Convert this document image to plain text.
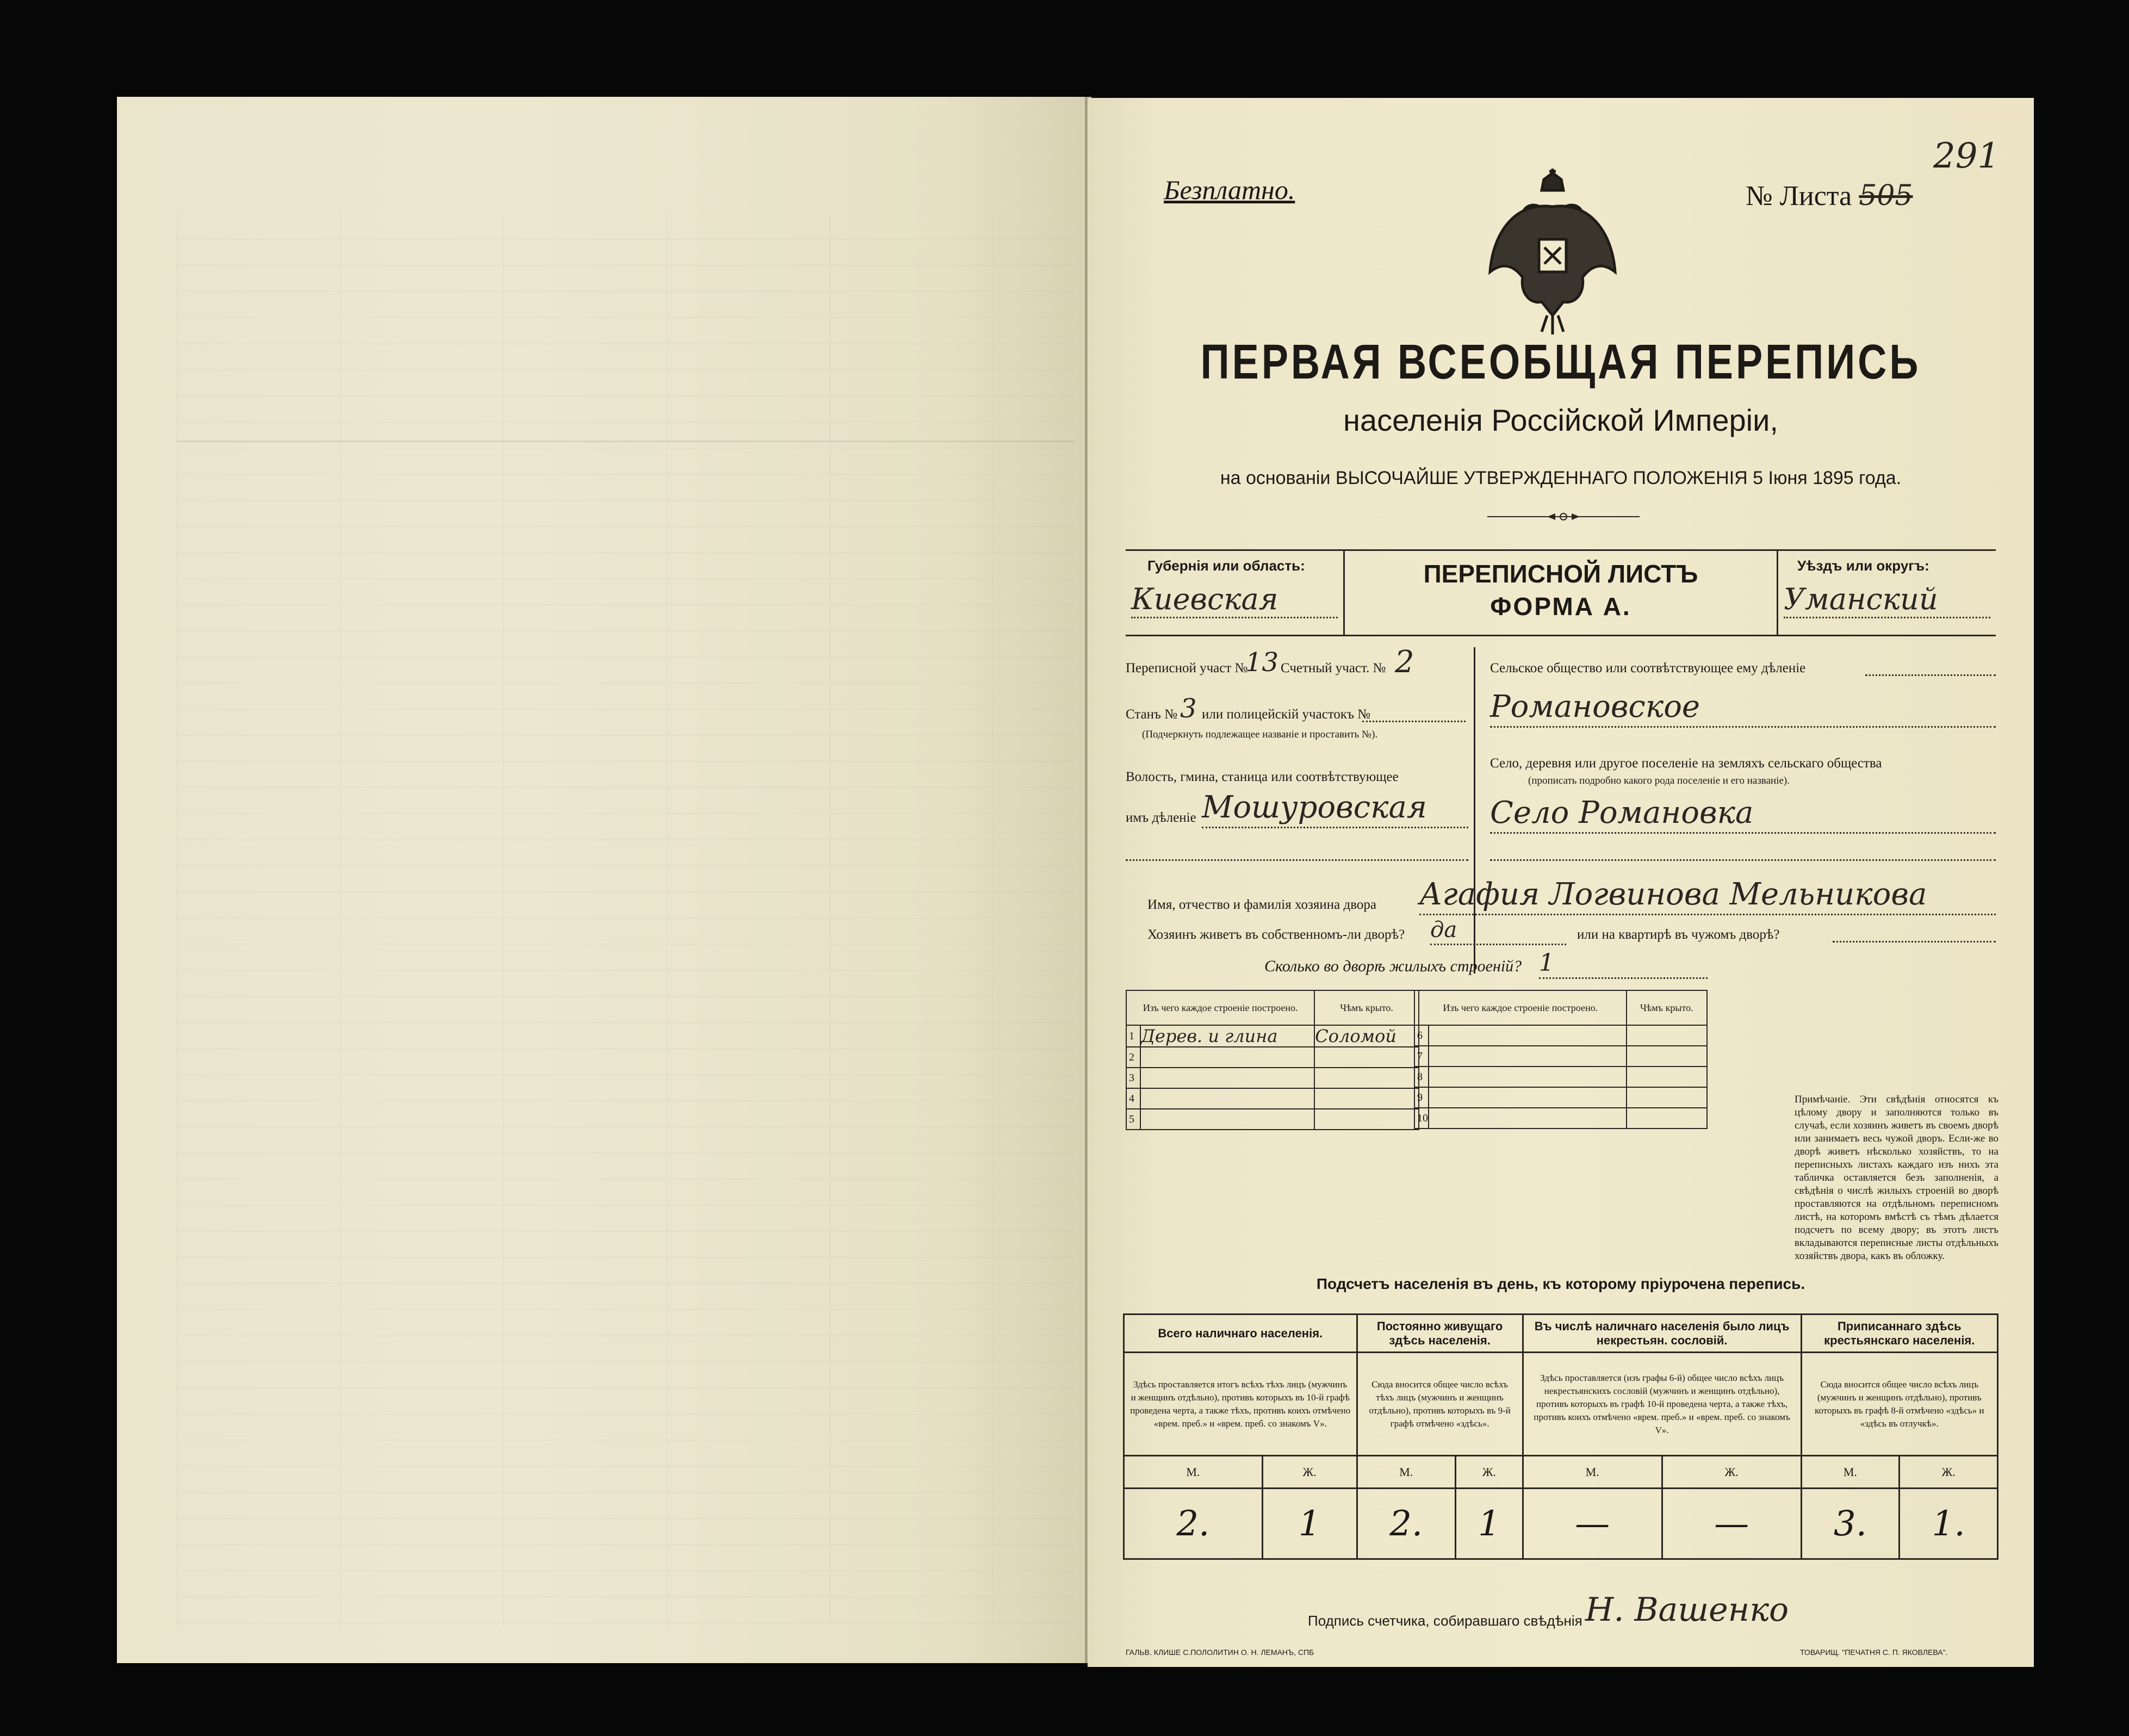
Безплатно.	№ Листа 505
291
ПЕРВАЯ ВСЕОБЩАЯ ПЕРЕПИСЬ
населенія Россійской Имперіи,
на основаніи ВЫСОЧАЙШЕ УТВЕРЖДЕННАГО ПОЛОЖЕНІЯ 5 Іюня 1895 года.
Губернія или область:
Киевская
ПЕРЕПИСНОЙ ЛИСТЪ
ФОРМА А.
Уѣздъ или округъ:
Уманский
Переписной участ №
13 Счетный участ. № 2
Станъ № 3 или полицейскій участокъ №
(Подчеркнуть подлежащее названіе и проставить №).
Волость, гмина, станица или соотвѣтствующее
имъ дѣленіе Мошуровская
Сельское общество или соотвѣтствующее ему дѣленіе
Романовское
Село, деревня или другое поселеніе на земляхъ сельскаго общества
(прописать подробно какого рода поселеніе и его названіе).
Село Романовка
Имя, отчество и фамилія хозяина двора Агафия Логвинова Мельникова
Хозяинъ живетъ въ собственномъ-ли дворѣ? да	или на квартирѣ въ чужомъ дворѣ?
Сколько во дворѣ жилыхъ строеній? 1
Изъ чего каждое строеніе построено.		Чѣмъ крыто.
1	Дерев. и глина	Соломой
2		
3		
4		
5		
Изъ чего каждое строеніе построено.		Чѣмъ крыто.
6		
7		
8		
9		
10		
Примѣчаніе. Эти свѣдѣнія относятся къ цѣлому двору и заполняются только въ случаѣ, если хозяинъ живетъ въ своемъ дворѣ или занимаетъ весь чужой дворъ. Если-же во дворѣ живетъ нѣсколько хозяйствъ, то на переписныхъ листахъ каждаго изъ нихъ эта табличка оставляется безъ заполненія, а свѣдѣнія о числѣ жилыхъ строеній во дворѣ проставляются на отдѣльномъ переписномъ листѣ, на которомъ вмѣстѣ съ тѣмъ дѣлается подсчетъ по всему двору; въ этотъ листъ вкладываются переписные листы отдѣльныхъ хозяйствъ двора, какъ въ обложку.
Подсчетъ населенія въ день, къ которому пріурочена перепись.
Всего наличнаго населенія.		Постоянно живущаго здѣсь населенія.		Въ числѣ наличнаго населенія было лицъ некрестьян. сословій.		Приписаннаго здѣсь крестьянскаго населенія.	
Здѣсь проставляется итогъ всѣхъ тѣхъ лицъ (мужчинъ и женщинъ отдѣльно), противъ которыхъ въ 10-й графѣ проведена черта, а также тѣхъ, противъ коихъ отмѣчено «врем. преб.» и «врем. преб. со знакомъ V».		Сюда вносится общее число всѣхъ тѣхъ лицъ (мужчинъ и женщинъ отдѣльно), противъ которыхъ въ 9-й графѣ отмѣчено «здѣсь».		Здѣсь проставляется (изъ графы 6-й) общее число всѣхъ лицъ некрестьянскихъ сословій (мужчинъ и женщинъ отдѣльно), противъ которыхъ въ графѣ 10-й проведена черта, а также тѣхъ, противъ коихъ отмѣчено «врем. преб.» и «врем. преб. со знакомъ V».		Сюда вносится общее число всѣхъ лицъ (мужчинъ и женщинъ отдѣльно), противъ которыхъ въ графѣ 8-й отмѣчено «здѣсь» и «здѣсь въ отлучкѣ».	
М.	Ж.	М.	Ж.	М.	Ж.	М.	Ж.
2.	1	2.	1	—	—	3.	1.
Подпись счетчика, собиравшаго свѣдѣнія Н. Вашенко
ГАЛЬВ. КЛИШЕ С.ПОЛОЛИТИН О. Н. ЛЕМАНЪ, СПБ	ТОВАРИЩ. "ПЕЧАТНЯ С. П. ЯКОВЛЕВА".
